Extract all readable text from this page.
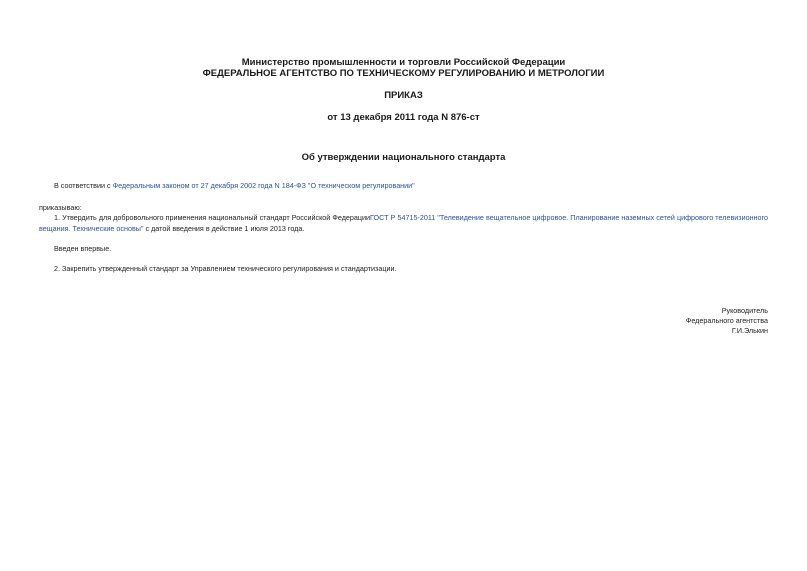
Министерство промышленности и торговли Российской Федерации
ФЕДЕРАЛЬНОЕ АГЕНТСТВО ПО ТЕХНИЧЕСКОМУ РЕГУЛИРОВАНИЮ И МЕТРОЛОГИИ
ПРИКАЗ
от 13 декабря 2011 года N 876-ст
Об утверждении национального стандарта
В соответствии с Федеральным законом от 27 декабря 2002 года N 184-ФЗ "О техническом регулировании"
приказываю:
1. Утвердить для добровольного применения национальный стандарт Российской ФедерацииГОСТ Р 54715-2011 "Телевидение вещательное цифровое. Планирование наземных сетей цифрового телевизионного вещания. Технические основы" с датой введения в действие 1 июля 2013 года.
Введен впервые.
2. Закрепить утвержденный стандарт за Управлением технического регулирования и стандартизации.
Руководитель
Федерального агентства
Г.И.Элькин
